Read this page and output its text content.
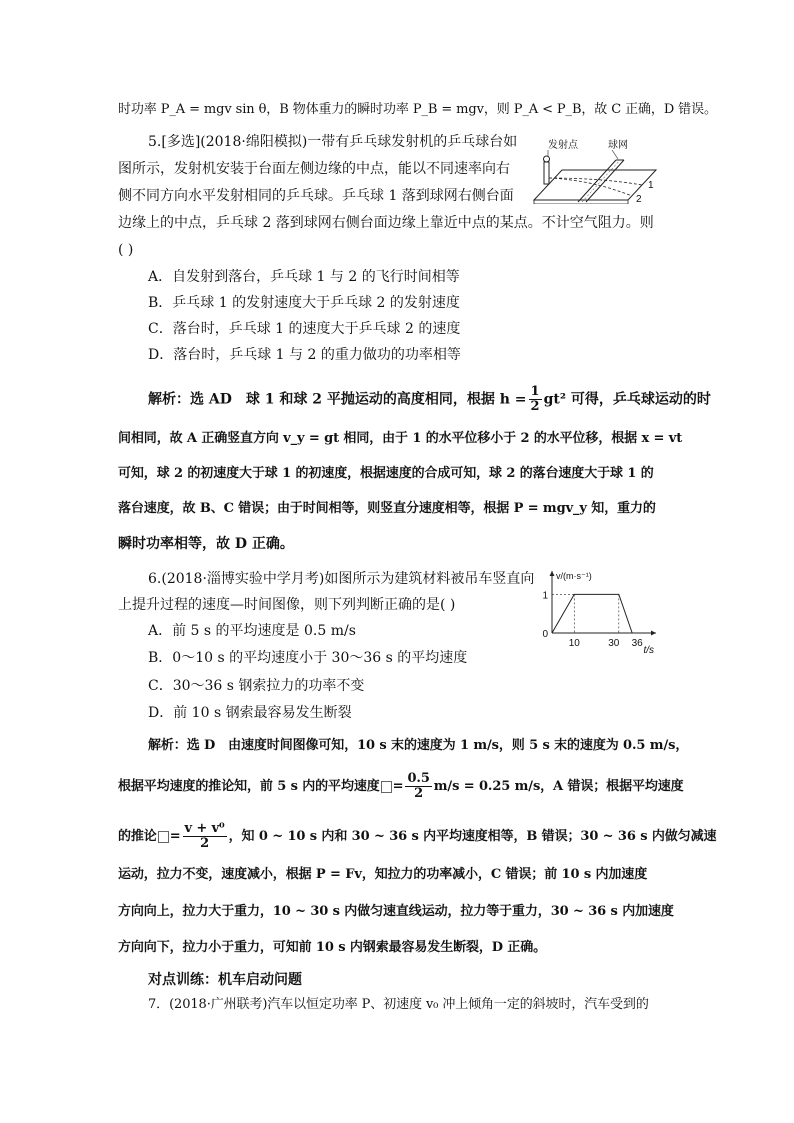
时功率 P_A = mgv sin θ，B 物体重力的瞬时功率 P_B = mgv，则 P_A < P_B，故 C 正确，D 错误。
5.[多选](2018·绵阳模拟)一带有乒乓球发射机的乒乓球台如
图所示，发射机安装于台面左侧边缘的中点，能以不同速率向右
侧不同方向水平发射相同的乒乓球。乒乓球 1 落到球网右侧台面
边缘上的中点，乒乓球 2 落到球网右侧台面边缘上靠近中点的某点。不计空气阻力。则
( )
A．自发射到落台，乒乓球 1 与 2 的飞行时间相等
B．乒乓球 1 的发射速度大于乒乓球 2 的发射速度
C．落台时，乒乓球 1 的速度大于乒乓球 2 的速度
D．落台时，乒乓球 1 与 2 的重力做功的功率相等
发射点	球网
1
2
解析：选 AD　球 1 和球 2 平抛运动的高度相同，根据 $h = \frac{1}{2} gt^2$ 可得，乒乓球运动的时
间相同，故 A 正确竖直方向 v_y = gt 相同，由于 1 的水平位移小于 2 的水平位移，根据 x = vt
可知，球 2 的初速度大于球 1 的初速度，根据速度的合成可知，球 2 的落台速度大于球 1 的
落台速度，故 B、C 错误；由于时间相等，则竖直分速度相等，根据 P = mgv_y 知，重力的
瞬时功率相等，故 D 正确。
6.(2018·淄博实验中学月考)如图所示为建筑材料被吊车竖直向
上提升过程的速度—时间图像，则下列判断正确的是( )
A．前 5 s 的平均速度是 0.5 m/s
B．0～10 s 的平均速度小于 30～36 s 的平均速度
C．30～36 s 钢索拉力的功率不变
D．前 10 s 钢索最容易发生断裂
10	30 36
0
1
t/s
v/(m·s⁻¹)
解析：选 D　由速度时间图像可知，10 s 末的速度为 1 m/s，则 5 s 末的速度为 0.5 m/s，
根据平均速度的推论知，前 5 s 内的平均速度 = $\frac{0.5}{2} m/s = 0.25$ m/s，A 错误；根据平均速度
的推论 = $\frac{\text{v + v⁰}}{2}$ ，知 0 ~ 10 s 内和 30 ~ 36 s 内平均速度相等，B 错误；30 ~ 36 s 内做匀减速
运动，拉力不变，速度减小，根据 P = Fv，知拉力的功率减小，C 错误；前 10 s 内加速度
方向向上，拉力大于重力，10 ~ 30 s 内做匀速直线运动，拉力等于重力，30 ~ 36 s 内加速度
方向向下，拉力小于重力，可知前 10 s 内钢索最容易发生断裂，D 正确。
对点训练：机车启动问题
7．(2018·广州联考)汽车以恒定功率 P、初速度 v₀ 冲上倾角一定的斜坡时，汽车受到的
